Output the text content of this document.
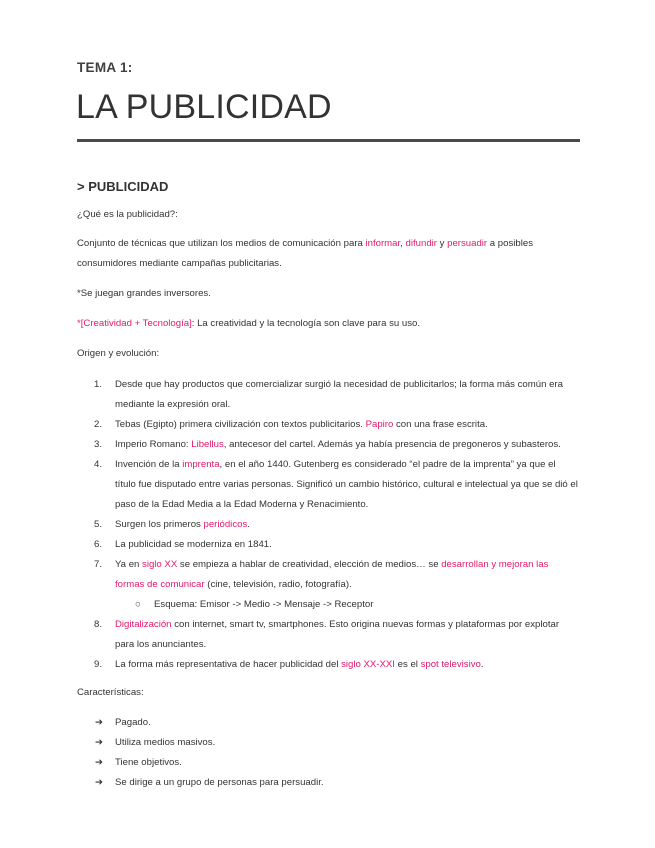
TEMA 1:
LA PUBLICIDAD
> PUBLICIDAD
¿Qué es la publicidad?:
Conjunto de técnicas que utilizan los medios de comunicación para informar, difundir y persuadir a posibles consumidores mediante campañas publicitarias.
*Se juegan grandes inversores.
*[Creatividad + Tecnología]: La creatividad y la tecnología son clave para su uso.
Origen y evolución:
1.	Desde que hay productos que comercializar surgió la necesidad de publicitarlos; la forma más común era mediante la expresión oral.
2.	Tebas (Egipto) primera civilización con textos publicitarios. Papiro con una frase escrita.
3.	Imperio Romano: Libellus, antecesor del cartel. Además ya había presencia de pregoneros y subasteros.
4.	Invención de la imprenta, en el año 1440. Gutenberg es considerado “el padre de la imprenta” ya que el título fue disputado entre varias personas. Significó un cambio histórico, cultural e intelectual ya que se dió el paso de la Edad Media a la Edad Moderna y Renacimiento.
5.	Surgen los primeros periódicos.
6.	La publicidad se moderniza en 1841.
7.	Ya en siglo XX se empieza a hablar de creatividad, elección de medios… se desarrollan y mejoran las formas de comunicar (cine, televisión, radio, fotografía).
○ Esquema: Emisor -> Medio -> Mensaje -> Receptor
8.	Digitalización con internet, smart tv, smartphones. Esto origina nuevas formas y plataformas por explotar para los anunciantes.
9.	La forma más representativa de hacer publicidad del siglo XX-XXI es el spot televisivo.
Características:
➔ Pagado.
➔ Utiliza medios masivos.
➔ Tiene objetivos.
➔ Se dirige a un grupo de personas para persuadir.
